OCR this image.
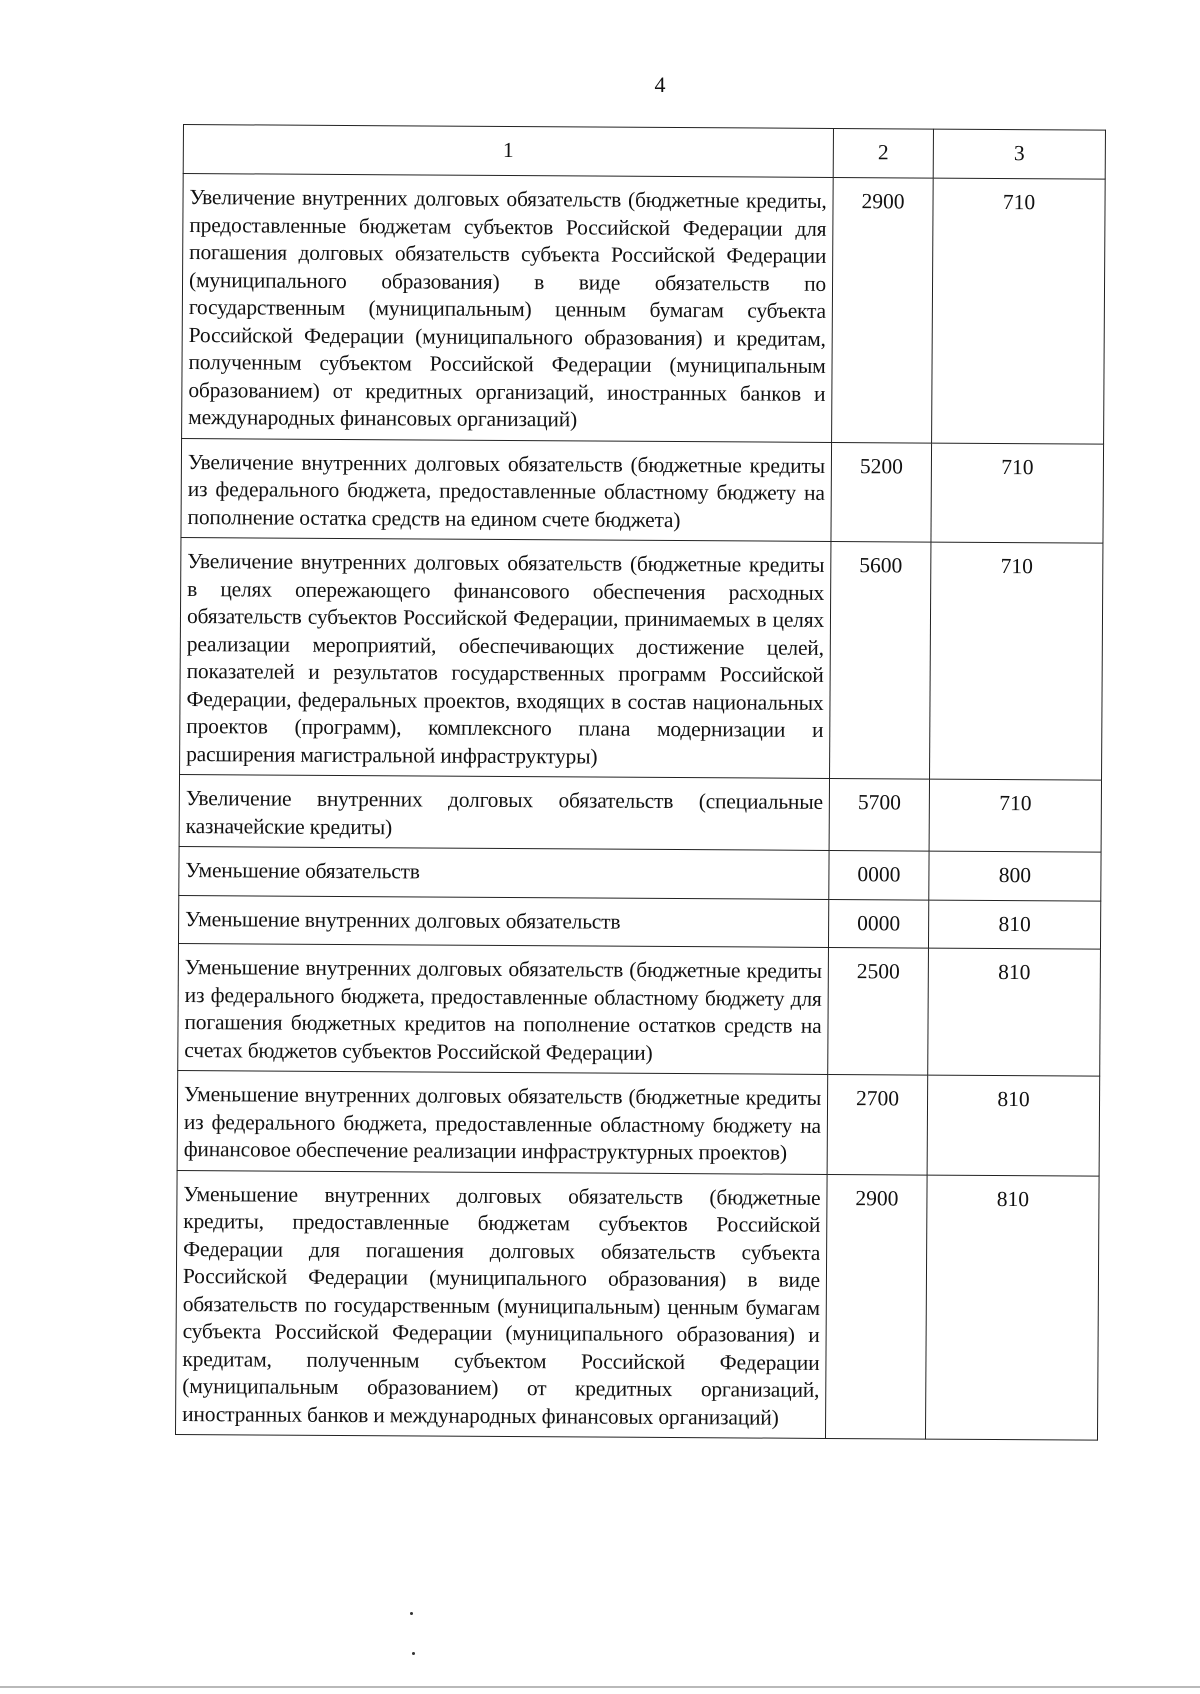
4
1	2	3
Увеличение внутренних долговых обязательств (бюджетные кредиты, предоставленные бюджетам субъектов Российской Федерации для погашения долговых обязательств субъекта Российской Федерации (муниципального образования) в виде обязательств по государственным (муниципальным) ценным бумагам субъекта Российской Федерации (муниципального образования) и кредитам, полученным субъектом Российской Федерации (муниципальным образованием) от кредитных организаций, иностранных банков и международных финансовых организаций)	2900	710
Увеличение внутренних долговых обязательств (бюджетные кредиты из федерального бюджета, предоставленные областному бюджету на пополнение остатка средств на едином счете бюджета)	5200	710
Увеличение внутренних долговых обязательств (бюджетные кредиты в целях опережающего финансового обеспечения расходных обязательств субъектов Российской Федерации, принимаемых в целях реализации мероприятий, обеспечивающих достижение целей, показателей и результатов государственных программ Российской Федерации, федеральных проектов, входящих в состав национальных проектов (программ), комплексного плана модернизации и расширения магистральной инфраструктуры)	5600	710
Увеличение внутренних долговых обязательств (специальные казначейские кредиты)	5700	710
Уменьшение обязательств	0000	800
Уменьшение внутренних долговых обязательств	0000	810
Уменьшение внутренних долговых обязательств (бюджетные кредиты из федерального бюджета, предоставленные областному бюджету для погашения бюджетных кредитов на пополнение остатков средств на счетах бюджетов субъектов Российской Федерации)	2500	810
Уменьшение внутренних долговых обязательств (бюджетные кредиты из федерального бюджета, предоставленные областному бюджету на финансовое обеспечение реализации инфраструктурных проектов)	2700	810
Уменьшение внутренних долговых обязательств (бюджетные кредиты, предоставленные бюджетам субъектов Российской Федерации для погашения долговых обязательств субъекта Российской Федерации (муниципального образования) в виде обязательств по государственным (муниципальным) ценным бумагам субъекта Российской Федерации (муниципального образования) и кредитам, полученным субъектом Российской Федерации (муниципальным образованием) от кредитных организаций, иностранных банков и международных финансовых организаций)	2900	810
